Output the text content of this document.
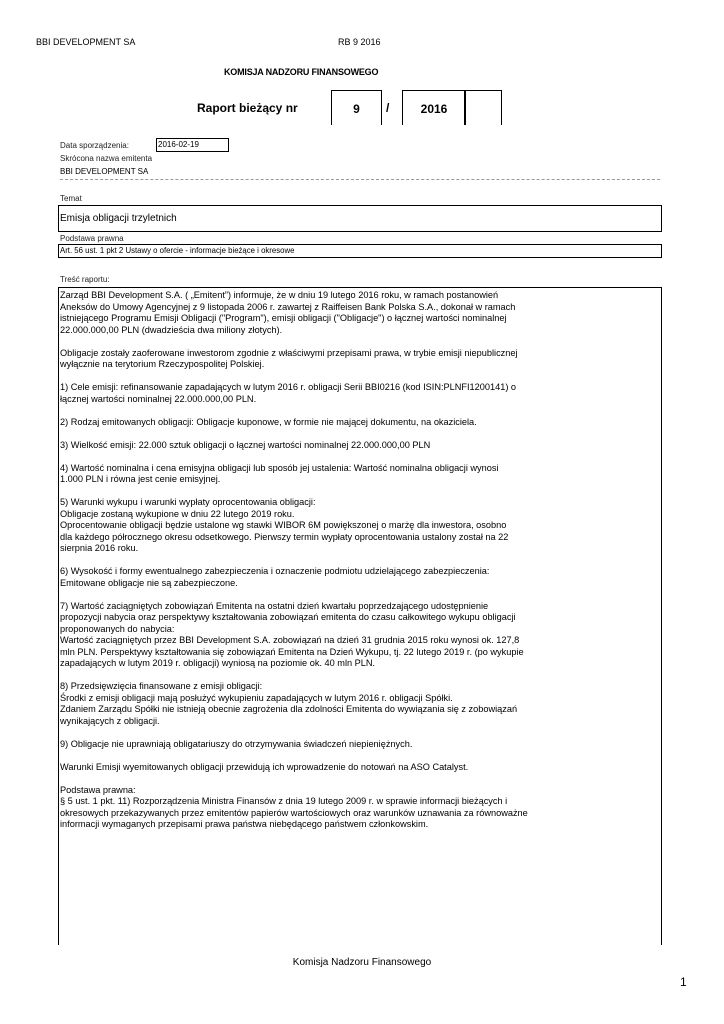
BBI DEVELOPMENT SA	RB 9 2016
KOMISJA NADZORU FINANSOWEGO
Raport bieżący nr	9	/	2016
Data sporządzenia:	2016-02-19
Skrócona nazwa emitenta
BBI DEVELOPMENT SA
Temat
Emisja obligacji trzyletnich
Podstawa prawna
Art. 56 ust. 1 pkt 2 Ustawy o ofercie - informacje bieżące i okresowe
Treść raportu:

Zarząd BBI Development S.A. ( „Emitent”) informuje, że w dniu 19 lutego 2016 roku, w ramach postanowień
Aneksów do Umowy Agencyjnej z 9 listopada 2006 r. zawartej z Raiffeisen Bank Polska S.A., dokonał w ramach
istniejącego Programu Emisji Obligacji ("Program"), emisji obligacji ("Obligacje") o łącznej wartości nominalnej
22.000.000,00 PLN (dwadzieścia dwa miliony złotych).

Obligacje zostały zaoferowane inwestorom zgodnie z właściwymi przepisami prawa, w trybie emisji niepublicznej
wyłącznie na terytorium Rzeczypospolitej Polskiej.

1) Cele emisji: refinansowanie zapadających w lutym 2016 r. obligacji Serii BBI0216 (kod ISIN:PLNFI1200141) o
łącznej wartości nominalnej 22.000.000,00 PLN.

2) Rodzaj emitowanych obligacji: Obligacje kuponowe, w formie nie mającej dokumentu, na okaziciela.

3) Wielkość emisji: 22.000 sztuk obligacji o łącznej wartości nominalnej 22.000.000,00 PLN

4) Wartość nominalna i cena emisyjna obligacji lub sposób jej ustalenia: Wartość nominalna obligacji wynosi
1.000 PLN i równa jest cenie emisyjnej.

5) Warunki wykupu i warunki wypłaty oprocentowania obligacji:
Obligacje zostaną wykupione w dniu 22 lutego 2019 roku.
Oprocentowanie obligacji będzie ustalone wg stawki WIBOR 6M powiększonej o marżę dla inwestora, osobno
dla każdego półrocznego okresu odsetkowego. Pierwszy termin wypłaty oprocentowania ustalony został na 22
sierpnia 2016 roku.

6) Wysokość i formy ewentualnego zabezpieczenia i oznaczenie podmiotu udzielającego zabezpieczenia:
Emitowane obligacje nie są zabezpieczone.

7) Wartość zaciągniętych zobowiązań Emitenta na ostatni dzień kwartału poprzedzającego udostępnienie
propozycji nabycia oraz perspektywy kształtowania zobowiązań emitenta do czasu całkowitego wykupu obligacji
proponowanych do nabycia:
Wartość zaciągniętych przez BBI Development S.A. zobowiązań na dzień 31 grudnia 2015 roku wynosi ok. 127,8
mln PLN. Perspektywy kształtowania się zobowiązań Emitenta na Dzień Wykupu, tj. 22 lutego 2019 r. (po wykupie
zapadających w lutym 2019 r. obligacji) wyniosą na poziomie ok. 40 mln PLN.

8) Przedsięwzięcia finansowane z emisji obligacji:
Środki z emisji obligacji mają posłużyć wykupieniu zapadających w lutym 2016 r. obligacji Spółki.
Zdaniem Zarządu Spółki nie istnieją obecnie zagrożenia dla zdolności Emitenta do wywiązania się z zobowiązań
wynikających z obligacji.

9) Obligacje nie uprawniają obligatariuszy do otrzymywania świadczeń niepieniężnych.

Warunki Emisji wyemitowanych obligacji przewidują ich wprowadzenie do notowań na ASO Catalyst.

Podstawa prawna:
§ 5 ust. 1 pkt. 11) Rozporządzenia Ministra Finansów z dnia 19 lutego 2009 r. w sprawie informacji bieżących i
okresowych przekazywanych przez emitentów papierów wartościowych oraz warunków uznawania za równoważne
informacji wymaganych przepisami prawa państwa niebędącego państwem członkowskim.

Komisja Nadzoru Finansowego
1
